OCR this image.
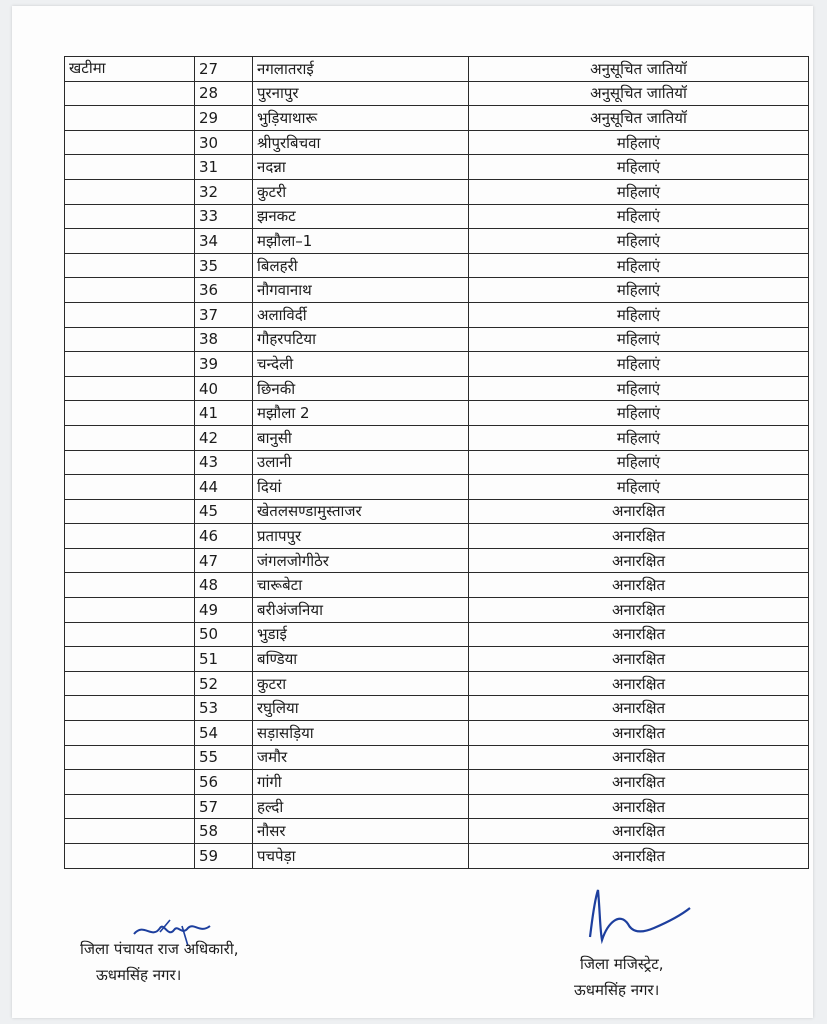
खटीमा	27	नगलातराई	अनुसूचित जातियॉ
	28	पुरनापुर	अनुसूचित जातियॉ
	29	भुड़ियाथारू	अनुसूचित जातियॉ
	30	श्रीपुरबिचवा	महिलाएं
	31	नदन्ना	महिलाएं
	32	कुटरी	महिलाएं
	33	झनकट	महिलाएं
	34	मझौला–1	महिलाएं
	35	बिलहरी	महिलाएं
	36	नौगवानाथ	महिलाएं
	37	अलाविर्दी	महिलाएं
	38	गौहरपटिया	महिलाएं
	39	चन्देली	महिलाएं
	40	छिनकी	महिलाएं
	41	मझौला 2	महिलाएं
	42	बानुसी	महिलाएं
	43	उलानी	महिलाएं
	44	दियां	महिलाएं
	45	खेतलसण्डामुस्ताजर	अनारक्षित
	46	प्रतापपुर	अनारक्षित
	47	जंगलजोगीठेर	अनारक्षित
	48	चारूबेटा	अनारक्षित
	49	बरीअंजनिया	अनारक्षित
	50	भुडाई	अनारक्षित
	51	बण्डिया	अनारक्षित
	52	कुटरा	अनारक्षित
	53	रघुलिया	अनारक्षित
	54	सड़ासड़िया	अनारक्षित
	55	जमौर	अनारक्षित
	56	गांगी	अनारक्षित
	57	हल्दी	अनारक्षित
	58	नौसर	अनारक्षित
	59	पचपेड़ा	अनारक्षित
जिला पंचायत राज अधिकारी,
ऊधमसिंह नगर।
जिला मजिस्ट्रेट,
ऊधमसिंह नगर।
